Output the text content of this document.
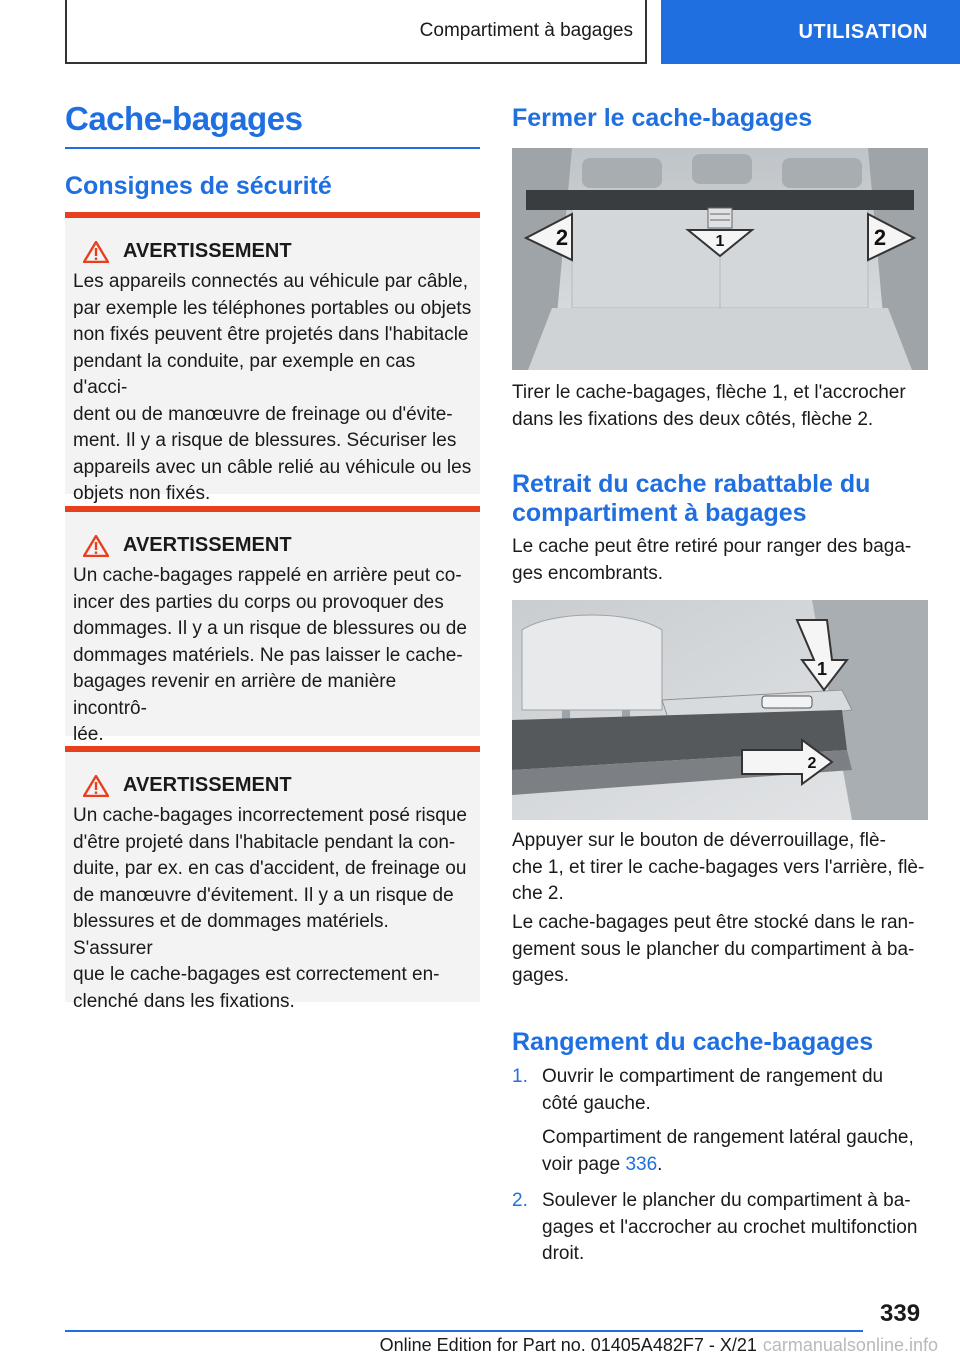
Compartiment à bagages	UTILISATION
Cache-bagages
Consignes de sécurité
AVERTISSEMENT
Les appareils connectés au véhicule par câble,
par exemple les téléphones portables ou objets
non fixés peuvent être projetés dans l'habitacle
pendant la conduite, par exemple en cas d'acci‐
dent ou de manœuvre de freinage ou d'évite‐
ment. Il y a risque de blessures. Sécuriser les
appareils avec un câble relié au véhicule ou les
objets non fixés.
AVERTISSEMENT
Un cache-bagages rappelé en arrière peut co‐
incer des parties du corps ou provoquer des
dommages. Il y a un risque de blessures ou de
dommages matériels. Ne pas laisser le cache-
bagages revenir en arrière de manière incontrô‐
lée.
AVERTISSEMENT
Un cache-bagages incorrectement posé risque
d'être projeté dans l'habitacle pendant la con‐
duite, par ex. en cas d'accident, de freinage ou
de manœuvre d'évitement. Il y a un risque de
blessures et de dommages matériels. S'assurer
que le cache-bagages est correctement en‐
clenché dans les fixations.
Fermer le cache-bagages
1
2	2
Tirer le cache-bagages, flèche 1, et l'accrocher
dans les fixations des deux côtés, flèche 2.
Retrait du cache rabattable du
compartiment à bagages
Le cache peut être retiré pour ranger des baga‐
ges encombrants.
1
2
Appuyer sur le bouton de déverrouillage, flè‐
che 1, et tirer le cache-bagages vers l'arrière, flè‐
che 2.
Le cache-bagages peut être stocké dans le ran‐
gement sous le plancher du compartiment à ba‐
gages.
Rangement du cache-bagages
1. Ouvrir le compartiment de rangement du
côté gauche.
Compartiment de rangement latéral gauche,
voir page 336.
2. Soulever le plancher du compartiment à ba‐
gages et l'accrocher au crochet multifonction
droit.
339
Online Edition for Part no. 01405A482F7 - X/21 carmanualsonline.info
